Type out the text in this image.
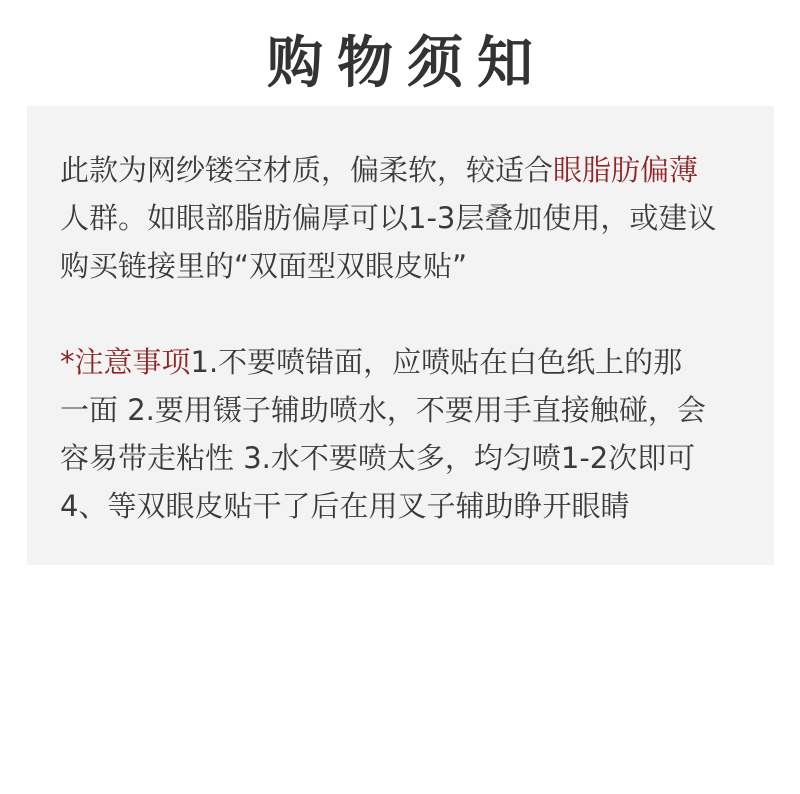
购物须知
此款为网纱镂空材质，偏柔软，较适合眼脂肪偏薄
人群。如眼部脂肪偏厚可以1-3层叠加使用，或建议
购买链接里的“双面型双眼皮贴”
*注意事项1.不要喷错面，应喷贴在白色纸上的那
一面 2.要用镊子辅助喷水，不要用手直接触碰，会
容易带走粘性 3.水不要喷太多，均匀喷1-2次即可
4、等双眼皮贴干了后在用叉子辅助睁开眼睛
